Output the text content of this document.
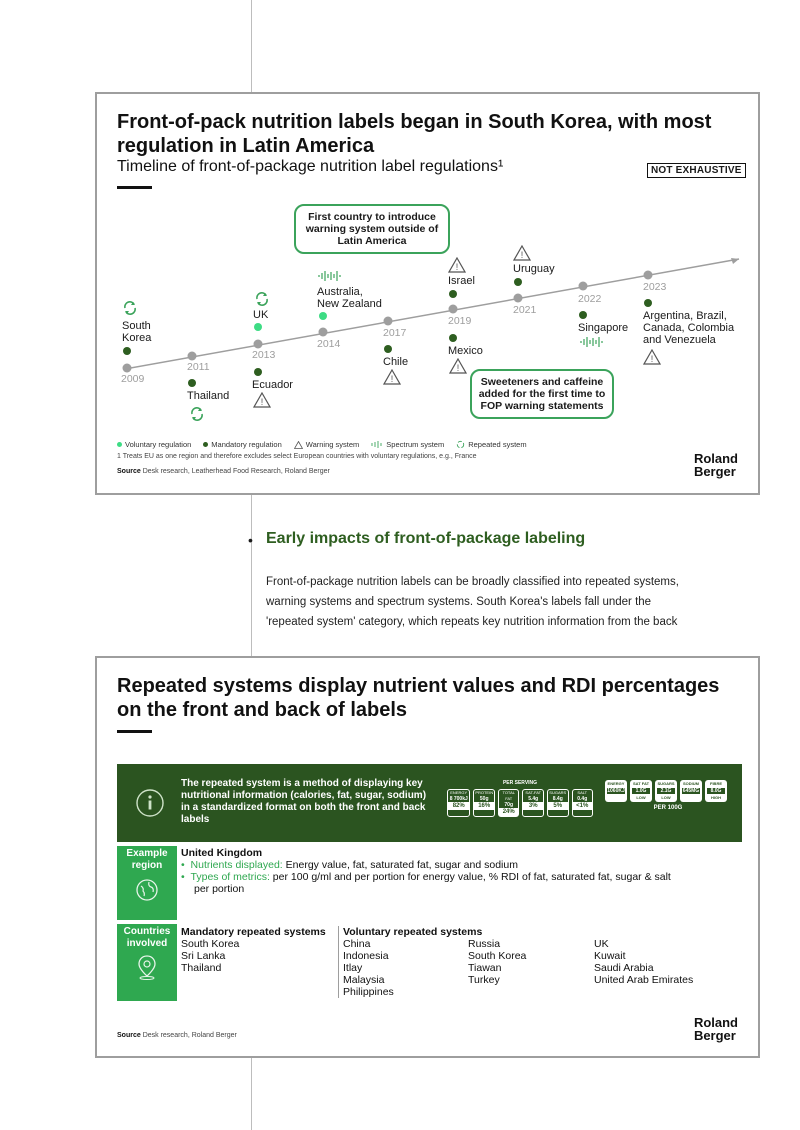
Front-of-pack nutrition labels began in South Korea, with most
regulation in Latin America
Timeline of front-of-package nutrition label regulations¹	NOT EXHAUSTIVE
2009
2011
2013
2014
2017
2019
2021
2022
2023
First country to introduce warning system outside of Latin America
Sweeteners and caffeine added for the first time to FOP warning statements
South
Korea
Thailand
UK
Ecuador
!
Australia,
New Zealand
Chile
!
!
Israel
Mexico
!
!
Uruguay
Singapore
Argentina, Brazil,
Canada, Colombia
and Venezuela
!
Voluntary regulation	Mandatory regulation	Warning system	Spectrum system	Repeated system
1 Treats EU as one region and therefore excludes select European countries with voluntary regulations, e.g., France
Source Desk research, Leatherhead Food Research, Roland Berger
Roland
Berger
• Early impacts of front-of-package labeling
Front-of-package nutrition labels can be broadly classified into repeated systems,
warning systems and spectrum systems. South Korea's labels fall under the
'repeated system' category, which repeats key nutrition information from the back
Repeated systems display nutrient values and RDI percentages
on the front and back of labels
The repeated system is a method of displaying key nutritional information (calories, fat, sugar, sodium) in a standardized format on both the front and back labels
PER SERVING
ENERGY
8 700kJ
82%
PROTEIN
50g
16%
TOTAL FAT
70g
24%
SAT-FAT
5.4g
3%
SUGARS
8.4g
5%
SALT
0.4g
<1%
ENERGY
1060KJ
SAT FAT
1.0G
LOW
SUGARS
2.1G
LOW
SODIUM
645MG
FIBRE
8.0G
HIGH
PER 100G
Example
region
United Kingdom
•  Nutrients displayed: Energy value, fat, saturated fat, sugar and sodium
•  Types of metrics: per 100 g/ml and per portion for energy value, % RDI of fat, saturated fat, sugar & salt
per portion
Countries
involved
Mandatory repeated systems
South Korea
Sri Lanka
Thailand
Voluntary repeated systems
China
Indonesia
Itlay
Malaysia
Philippines
Russia
South Korea
Tiawan
Turkey
UK
Kuwait
Saudi Arabia
United Arab Emirates
Source Desk research, Roland Berger
Roland
Berger
